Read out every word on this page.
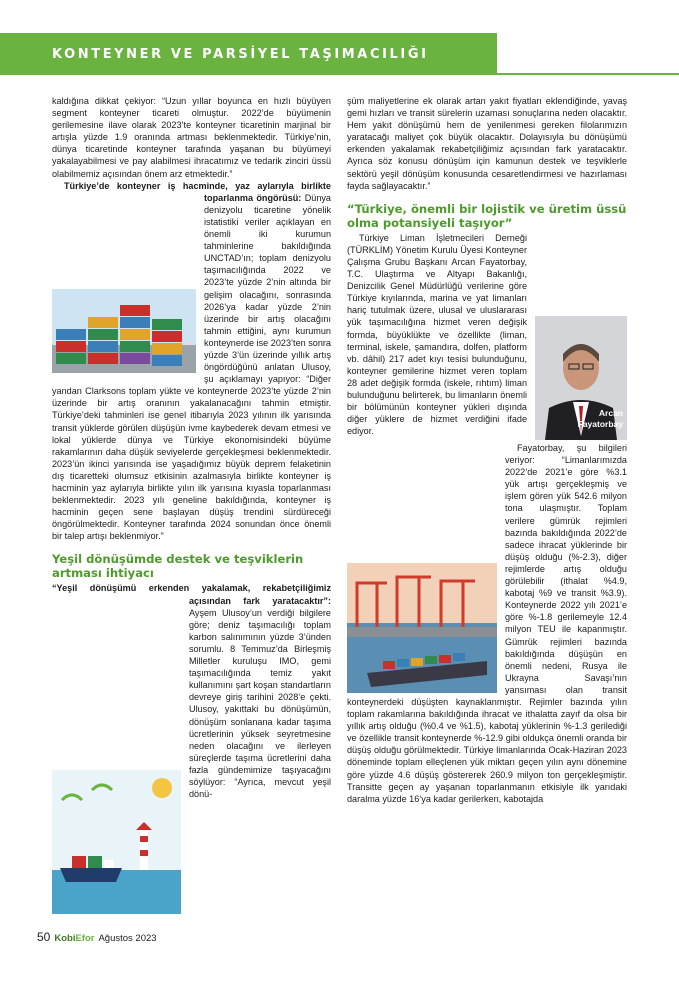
KONTEYNER VE PARSİYEL TAŞIMACILIĞI

kaldığına dikkat çekiyor: “Uzun yıllar boyunca en hızlı büyüyen segment konteyner ticareti olmuştur. 2022’de büyümenin gerilemesine ilave olarak 2023’te konteyner ticaretinin marjinal bir artışla yüzde 1.9 oranında artması beklenmektedir. Türkiye’nin, dünya ticaretinde konteyner tarafında yaşanan bu büyümeyi yakalayabilmesi ve pay alabilmesi ihracatımız ve tedarik zinciri üssü olabilmemiz açısından önem arz etmektedir.”

Türkiye’de konteyner iş hacminde, yaz aylarıyla birlikte toparlanma öngörüsü:
Dünya denizyolu ticaretine yönelik istatistiki veriler açıklayan en önemli iki kurumun tahminlerine bakıldığında UNCTAD’ın; toplam denizyolu taşımacılığında 2022 ve 2023’te yüzde 2’nin altında bir gelişim olacağını, sonrasında 2026’ya kadar yüzde 2’nin üzerinde bir artış olacağını tahmin ettiğini, aynı kurumun konteynerde ise 2023’ten sonra yüzde 3’ün üzerinde yıllık artış öngördüğünü anlatan Ulusoy, şu açıklamayı yapıyor: “Diğer yandan Clarksons toplam yükte ve konteynerde 2023’te yüzde 2’nin üzerinde bir artış oranının yakalanacağını tahmin etmiştir. Türkiye’deki tahminleri ise genel itibarıyla 2023 yılının ilk yarısında transit yüklerde görülen düşüşün ivme kaybederek devam etmesi ve lokal yüklerde dünya ve Türkiye ekonomisindeki büyüme rakamlarının daha düşük seviyelerde gerçekleşmesi beklenmektedir. 2023’ün ikinci yarısında ise yaşadığımız büyük deprem felaketinin dış ticaretteki olumsuz etkisinin azalmasıyla birlikte konteyner iş hacminin yaz aylarıyla birlikte yılın ilk yarısına kıyasla toparlanması beklenmektedir. 2023 yılı geneline bakıldığında, konteyner iş hacminin geçen sene başlayan düşüş trendini sürdüreceği öngörülmektedir. Konteyner tarafında 2024 sonundan önce önemli bir talep artışı beklenmiyor.”

Yeşil dönüşümde destek ve teşviklerin artması ihtiyacı

“Yeşil dönüşümü erkenden yakalamak, rekabetçiliğimiz açısından fark yaratacaktır”:
Ayşem Ulusoy’un verdiği bilgilere göre; deniz taşımacılığı toplam karbon salınımının yüzde 3’ünden sorumlu. 8 Temmuz’da Birleşmiş Milletler kuruluşu IMO, gemi taşımacılığında temiz yakıt kullanımını şart koşan standartların devreye giriş tarihini 2028’e çekti. Ulusoy, yakıttaki bu dönüşümün, dönüşüm sonlanana kadar taşıma ücretlerinin yüksek seyretmesine neden olacağını ve ilerleyen süreçlerde taşıma ücretlerini daha fazla gündemimize taşıyacağını söylüyor: “Ayrıca, mevcut yeşil dönü-

şüm maliyetlerine ek olarak artan yakıt fiyatları eklendiğinde, yavaş gemi hızları ve transit sürelerin uzaması sonuçlarına neden olacaktır. Hem yakıt dönüşümü hem de yenilenmesi gereken filolarımızın yaratacağı maliyet çok büyük olacaktır. Dolayısıyla bu dönüşümü erkenden yakalamak rekabetçiliğimiz açısından fark yaratacaktır. Ayrıca söz konusu dönüşüm için kamunun destek ve teşviklerle sektörü yeşil dönüşüm konusunda cesaretlendirmesi ve hazırlaması fayda sağlayacaktır.”

“Türkiye, önemli bir lojistik ve üretim üssü olma potansiyeli taşıyor”

Türkiye Liman İşletmecileri Derneği (TÜRKLİM) Yönetim Kurulu Üyesi Konteyner Çalışma Grubu Başkanı Arcan Fayatorbay, T.C. Ulaştırma ve Altyapı Bakanlığı, Denizcilik Genel Müdürlüğü verilerine göre Türkiye kıyılarında, marina ve yat limanları hariç tutulmak üzere, ulusal ve uluslararası yük taşımacılığına hizmet veren değişik formda, büyüklükte ve özellikte (liman, terminal, iskele, şamandıra, dolfen, platform vb. dâhil) 217 adet kıyı tesisi bulunduğunu, konteyner gemilerine hizmet veren toplam 28 adet değişik formda (iskele, rıhtım) liman bulunduğunu belirterek, bu limanların önemli bir bölümünün konteyner yükleri dışında diğer yüklere de hizmet verdiğini ifade ediyor.

Fayatorbay, şu bilgileri veriyor: “Limanlarımızda 2022’de 2021’e göre %3.1 yük artışı gerçekleşmiş ve işlem gören yük 542.6 milyon tona ulaşmıştır. Toplam verilere gümrük rejimleri bazında bakıldığında 2022’de sadece ihracat yüklerinde bir düşüş olduğu (%-2.3), diğer rejimlerde artış olduğu görülebilir (ithalat %4.9, kabotaj %9 ve transit %3.9). Konteynerde 2022 yılı 2021’e göre %-1.8 gerilemeyle 12.4 milyon TEU ile kapanmıştır. Gümrük rejimleri bazında bakıldığında düşüşün en önemli nedeni, Rusya ile Ukrayna Savaşı’nın yansıması olan transit konteynerdeki düşüşten kaynaklanmıştır. Rejimler bazında yılın toplam rakamlarına bakıldığında ihracat ve ithalatta zayıf da olsa bir yıllık artış olduğu (%0.4 ve %1.5), kabotaj yüklerinin %-1.3 gerilediği ve özellikle transit konteynerde %-12.9 gibi oldukça önemli oranda bir düşüş olduğu görülmektedir. Türkiye limanlarında Ocak-Haziran 2023 döneminde toplam elleçlenen yük miktarı geçen yılın aynı dönemine göre yüzde 4.6 düşüş göstererek 260.9 milyon ton gerçekleşmiştir. Transitte geçen ay yaşanan toparlanmanın etkisiyle ilk yarıdaki daralma yüzde 16’ya kadar gerilerken, kabotajda

Arcan
Fayatorbay
50 KobiEfor Ağustos 2023
